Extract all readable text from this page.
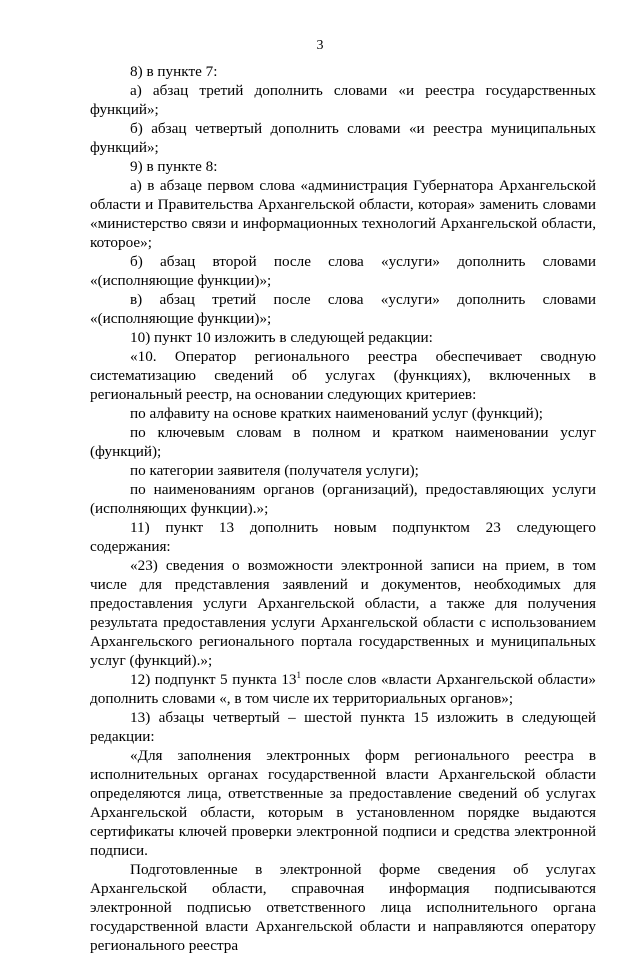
3

8) в пункте 7:

а) абзац третий дополнить словами «и реестра государственных функций»;

б) абзац четвертый дополнить словами «и реестра муниципальных функций»;

9) в пункте 8:

а) в абзаце первом слова «администрация Губернатора Архангельской области и Правительства Архангельской области, которая» заменить словами «министерство связи и информационных технологий Архангельской области, которое»;

б) абзац второй после слова «услуги» дополнить словами «(исполняющие функции)»;

в) абзац третий после слова «услуги» дополнить словами «(исполняющие функции)»;

10) пункт 10 изложить в следующей редакции:

«10. Оператор регионального реестра обеспечивает сводную систематизацию сведений об услугах (функциях), включенных в региональный реестр, на основании следующих критериев:

по алфавиту на основе кратких наименований услуг (функций);

по ключевым словам в полном и кратком наименовании услуг (функций);

по категории заявителя (получателя услуги);

по наименованиям органов (организаций), предоставляющих услуги (исполняющих функции).»;

11) пункт 13 дополнить новым подпунктом 23 следующего содержания:

«23) сведения о возможности электронной записи на прием, в том числе для представления заявлений и документов, необходимых для предоставления услуги Архангельской области, а также для получения результата предоставления услуги Архангельской области с использованием Архангельского регионального портала государственных и муниципальных услуг (функций).»;

12) подпункт 5 пункта $13^1$ после слов «власти Архангельской области» дополнить словами «, в том числе их территориальных органов»;

13) абзацы четвертый – шестой пункта 15 изложить в следующей редакции:

«Для заполнения электронных форм регионального реестра в исполнительных органах государственной власти Архангельской области определяются лица, ответственные за предоставление сведений об услугах Архангельской области, которым в установленном порядке выдаются сертификаты ключей проверки электронной подписи и средства электронной подписи.

Подготовленные в электронной форме сведения об услугах Архангельской области, справочная информация подписываются электронной подписью ответственного лица исполнительного органа государственной власти Архангельской области и направляются оператору регионального реестра
